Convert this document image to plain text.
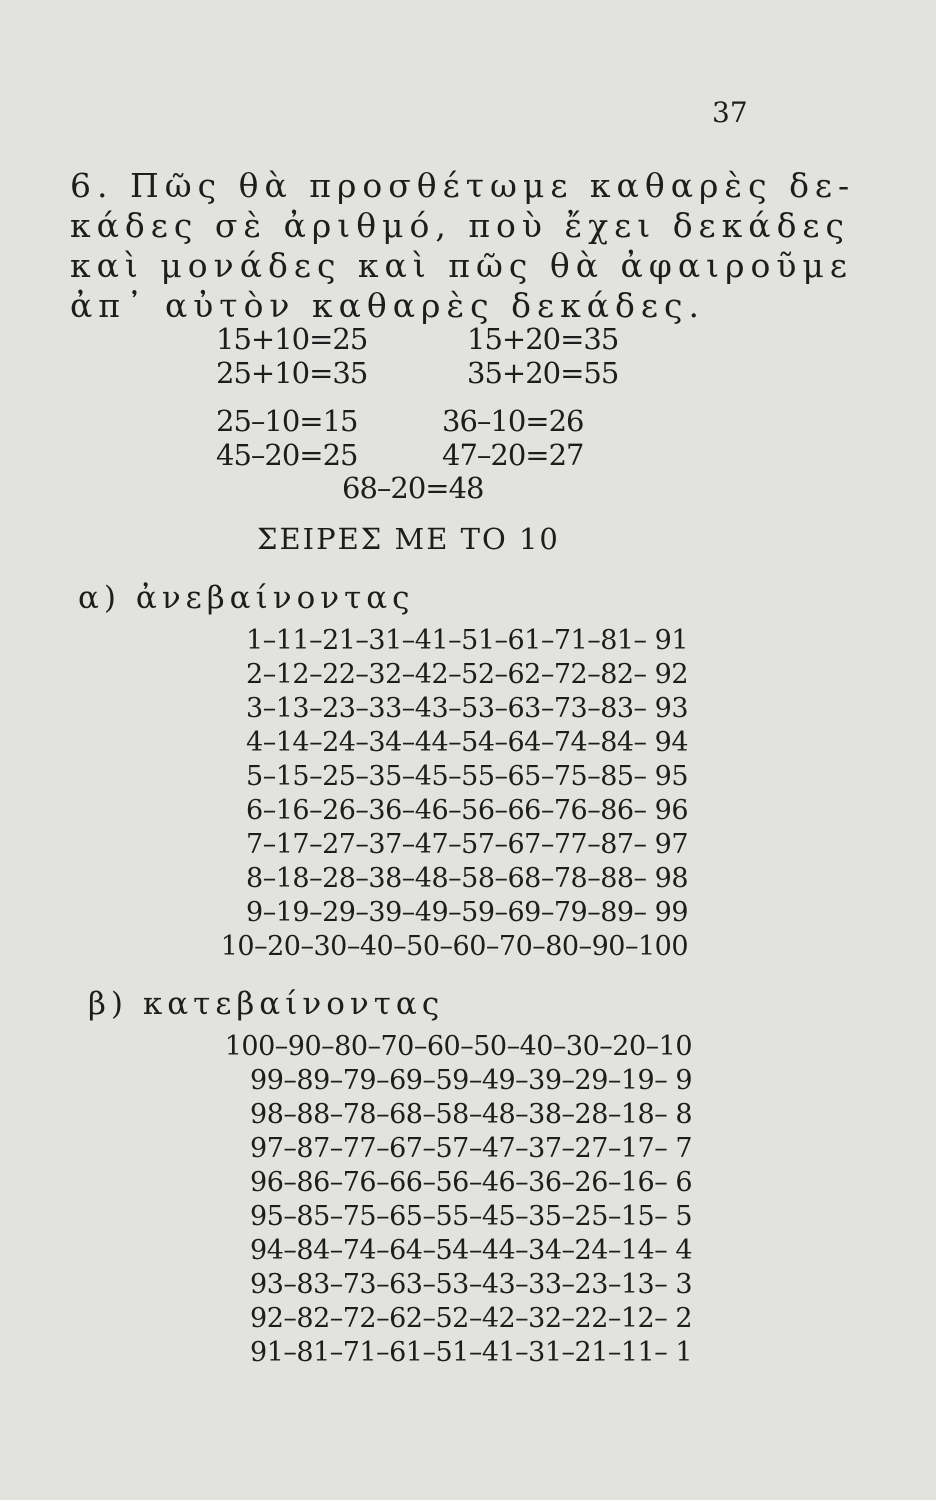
37
6. Πῶς θὰ προσθέτωμε καθαρὲς δε-
κάδες σὲ ἀριθμό, ποὺ ἔχει δεκάδες
καὶ μονάδες καὶ πῶς θὰ ἀφαιροῦμε
ἀπ᾿ αὐτὸν καθαρὲς δεκάδες.
15+10=25
25+10=35
15+20=35
35+20=55
25–10=15
45–20=25
36–10=26
47–20=27
68–20=48
ΣΕΙΡΕΣ ΜΕ ΤΟ 10
α) ἀνεβαίνοντας
1–11–21–31–41–51–61–71–81– 91
2–12–22–32–42–52–62–72–82– 92
3–13–23–33–43–53–63–73–83– 93
4–14–24–34–44–54–64–74–84– 94
5–15–25–35–45–55–65–75–85– 95
6–16–26–36–46–56–66–76–86– 96
7–17–27–37–47–57–67–77–87– 97
8–18–28–38–48–58–68–78–88– 98
9–19–29–39–49–59–69–79–89– 99
10–20–30–40–50–60–70–80–90–100
β) κατεβαίνοντας
100–90–80–70–60–50–40–30–20–10
99–89–79–69–59–49–39–29–19– 9
98–88–78–68–58–48–38–28–18– 8
97–87–77–67–57–47–37–27–17– 7
96–86–76–66–56–46–36–26–16– 6
95–85–75–65–55–45–35–25–15– 5
94–84–74–64–54–44–34–24–14– 4
93–83–73–63–53–43–33–23–13– 3
92–82–72–62–52–42–32–22–12– 2
91–81–71–61–51–41–31–21–11– 1
